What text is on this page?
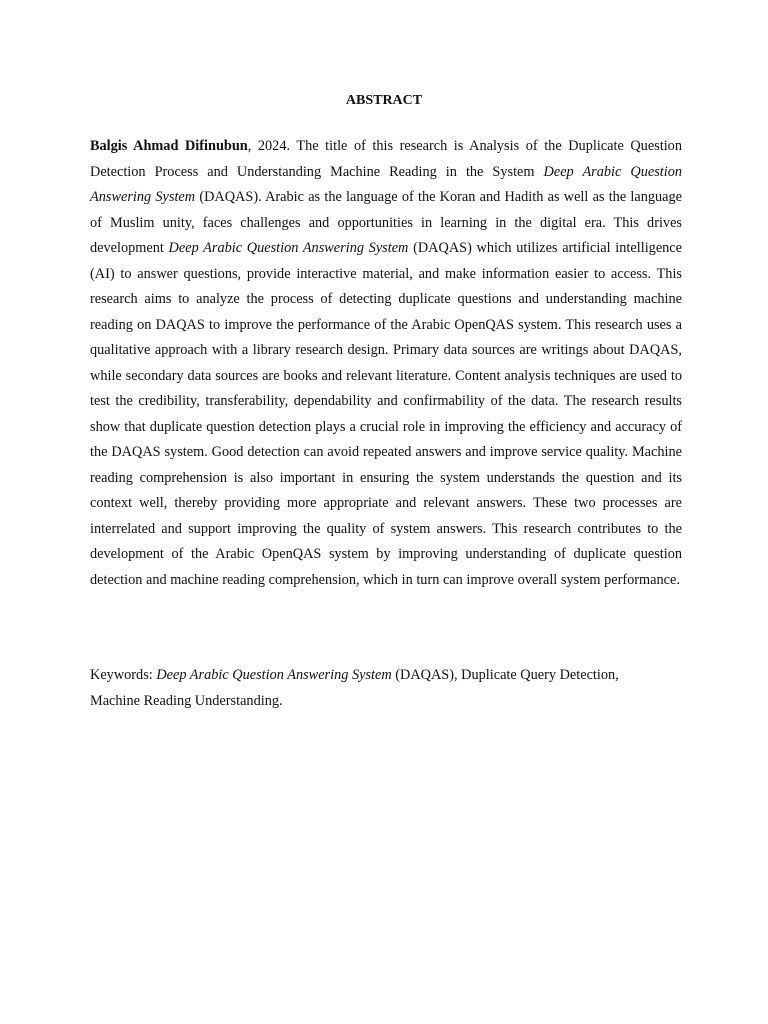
ABSTRACT

Balgis Ahmad Difinubun, 2024. The title of this research is Analysis of the Duplicate Question Detection Process and Understanding Machine Reading in the System Deep Arabic Question Answering System (DAQAS). Arabic as the language of the Koran and Hadith as well as the language of Muslim unity, faces challenges and opportunities in learning in the digital era. This drives development Deep Arabic Question Answering System (DAQAS) which utilizes artificial intelligence (AI) to answer questions, provide interactive material, and make information easier to access. This research aims to analyze the process of detecting duplicate questions and understanding machine reading on DAQAS to improve the performance of the Arabic OpenQAS system. This research uses a qualitative approach with a library research design. Primary data sources are writings about DAQAS, while secondary data sources are books and relevant literature. Content analysis techniques are used to test the credibility, transferability, dependability and confirmability of the data. The research results show that duplicate question detection plays a crucial role in improving the efficiency and accuracy of the DAQAS system. Good detection can avoid repeated answers and improve service quality. Machine reading comprehension is also important in ensuring the system understands the question and its context well, thereby providing more appropriate and relevant answers. These two processes are interrelated and support improving the quality of system answers. This research contributes to the development of the Arabic OpenQAS system by improving understanding of duplicate question detection and machine reading comprehension, which in turn can improve overall system performance.

Keywords: Deep Arabic Question Answering System (DAQAS), Duplicate Query Detection,
Machine Reading Understanding.
